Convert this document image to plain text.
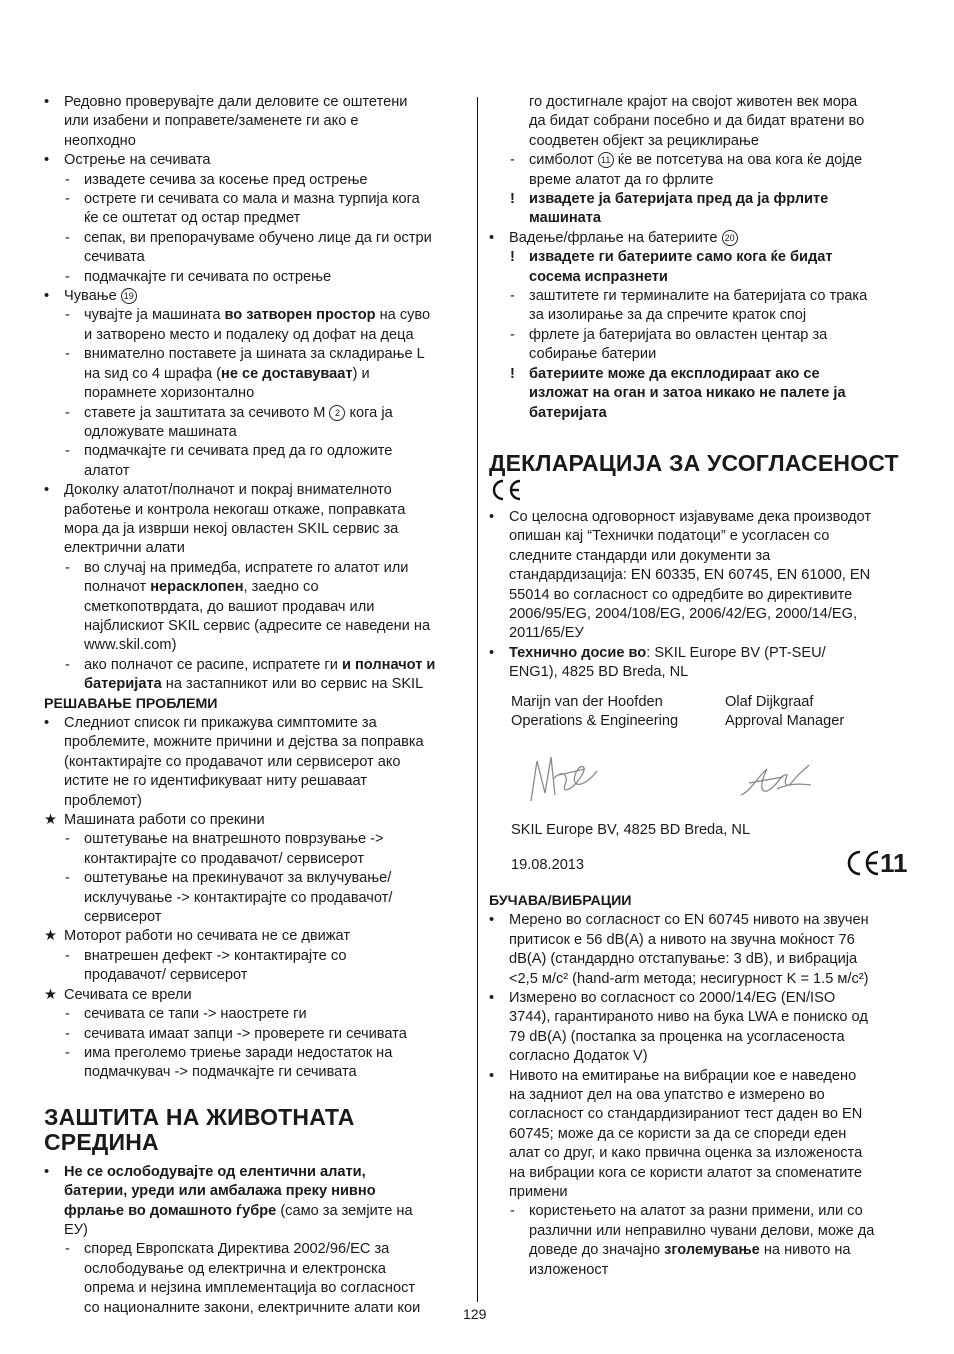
• Редовно проверувајте дали деловите се оштетени
или изабени и поправете/заменете ги ако е
неопходно
• Острење на сечивата
- извадете сечива за косење пред острење
- острете ги сечивата со мала и мазна турпија кога
ќе се оштетат од остар предмет
- сепак, ви препорачуваме обучено лице да ги остри
сечивата
- подмачкајте ги сечивата по острење
• Чување 19
- чувајте ја машината во затворен простор на суво
и затворено место и подалеку од дофат на деца
- внимателно поставете ја шината за складирање L
на ѕид со 4 шрафа (не се доставуваат) и
порамнете хоризонтално
- ставете ја заштитата за сечивото M 2 кога ја
одложувате машината
- подмачкајте ги сечивата пред да го одложите
алатот
• Доколку алатот/полначот и покрај внимателното
работење и контрола некогаш откаже, поправката
мора да ја изврши некој овластен SKIL сервис за
електрични алати
- во случај на примедба, испратете го алатот или
полначот нерасклопен, заедно со
сметкопотврдата, до вашиот продавач или
најблискиот SKIL сервис (адресите се наведени на
www.skil.com)
- ако полначот се расипе, испратете ги и полначот и
батеријата на застапникот или во сервис на SKIL
РЕШАВАЊЕ ПРОБЛЕМИ
• Следниот список ги прикажува симптомите за
проблемите, можните причини и дејства за поправка
(контактирајте со продавачот или сервисерот ако
истите не го идентификуваат ниту решаваат
проблемот)
★ Машината работи со прекини
- оштетување на внатрешното поврзување ->
контактирајте со продавачот/ сервисерот
- оштетување на прекинувачот за вклучување/
исклучување -> контактирајте со продавачот/
сервисерот
★ Моторот работи но сечивата не се движат
- внатрешен дефект -> контактирајте со
продавачот/ сервисерот
★ Сечивата се врели
- сечивата се тапи -> наострете ги
- сечивата имаат запци -> проверете ги сечивата
- има преголемо триење заради недостаток на
подмачкувач -> подмачкајте ги сечивата
ЗАШТИТА НА ЖИВОТНАТА
СРЕДИНА
• Не се ослободувајте од елентични алати,
батерии, уреди или амбалажа преку нивно
фрлање во домашното ѓубре (само за земјите на
ЕУ)
- според Европската Директива 2002/96/EC за
ослободување од електрична и електронска
опрема и нејзина имплементација во согласност
со националните закони, електричните алати кои
го достигнале крајот на својот животен век мора
да бидат собрани посебно и да бидат вратени во
соодветен објект за рециклирање
- симболот 11 ќе ве потсетува на ова кога ќе дојде
време алатот да го фрлите
! извадете ја батеријата пред да ја фрлите
машината
• Вадење/фрлање на батериите 20
! извадете ги батериите само кога ќе бидат
сосема испразнети
- заштитете ги терминалите на батеријата со трака
за изолирање за да спречите краток спој
- фрлете ја батеријата во овластен центар за
собирање батерии
! батериите може да експлодираат ако се
изложат на оган и затоа никако не палете ја
батеријата
ДЕКЛАРАЦИЈА ЗА УСОГЛАСЕНОСТ
• Со целосна одговорност изјавуваме дека производот
опишан кај “Технички податоци” е усогласен со
следните стандарди или документи за
стандардизација: EN 60335, EN 60745, EN 61000, EN
55014 во согласност со одредбите во директивите
2006/95/EG, 2004/108/EG, 2006/42/EG, 2000/14/EG,
2011/65/ЕУ
• Технично досие во: SKIL Europe BV (PT-SEU/
ENG1), 4825 BD Breda, NL
Marijn van der Hoofden
Operations & Engineering
Olaf Dijkgraaf
Approval Manager
SKIL Europe BV, 4825 BD Breda, NL
19.08.2013	11
БУЧАВА/ВИБРАЦИИ
• Мерено во согласност со EN 60745 нивото на звучен
притисок е 56 dB(A) а нивото на звучна моќност 76
dB(A) (стандардно отстапување: 3 dB), и вибрација
<2,5 м/с² (hand-arm метода; несигурност K = 1.5 м/с²)
• Измерено во согласност со 2000/14/EG (EN/ISO
3744), гарантираното ниво на бука LWA е пониско од
79 dB(A) (постапка за проценка на усогласеноста
согласно Додаток V)
• Нивото на емитирање на вибрации кое е наведено
на задниот дел на ова упатство е измерено во
согласност со стандардизираниот тест даден во EN
60745; може да се користи за да се спореди еден
алат со друг, и како првична оценка за изложеноста
на вибрации кога се користи алатот за споменатите
примени
- користењето на алатот за разни примени, или со
различни или неправилно чувани делови, може да
доведе до значајно зголемување на нивото на
изложеност
129
